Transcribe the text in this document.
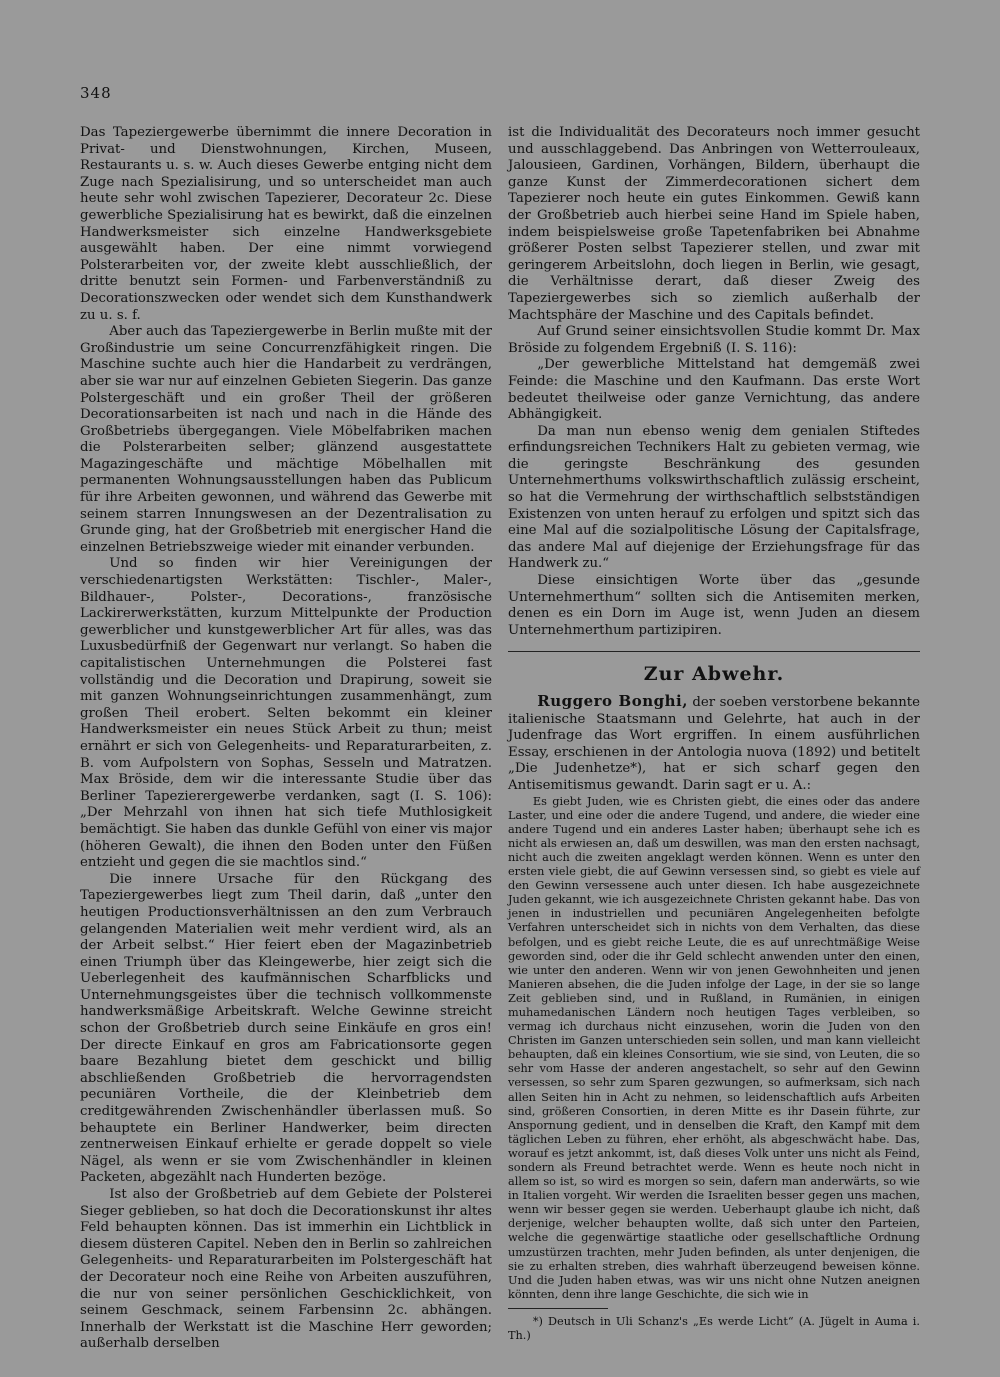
348

Das Tapeziergewerbe übernimmt die innere Decoration in Privat- und Dienstwohnungen, Kirchen, Museen, Restaurants u. s. w. Auch dieses Gewerbe entging nicht dem Zuge nach Spezialisirung, und so unterscheidet man auch heute sehr wohl zwischen Tapezierer, Decorateur 2c. Diese gewerbliche Spezialisirung hat es bewirkt, daß die einzelnen Handwerksmeister sich einzelne Handwerksgebiete ausgewählt haben. Der eine nimmt vorwiegend Polsterarbeiten vor, der zweite klebt ausschließlich, der dritte benutzt sein Formen- und Farbenverständniß zu Decorationszwecken oder wendet sich dem Kunsthandwerk zu u. s. f.

Aber auch das Tapeziergewerbe in Berlin mußte mit der Großindustrie um seine Concurrenzfähigkeit ringen. Die Maschine suchte auch hier die Handarbeit zu verdrängen, aber sie war nur auf einzelnen Gebieten Siegerin. Das ganze Polstergeschäft und ein großer Theil der größeren Decorationsarbeiten ist nach und nach in die Hände des Großbetriebs übergegangen. Viele Möbelfabriken machen die Polsterarbeiten selber; glänzend ausgestattete Magazingeschäfte und mächtige Möbelhallen mit permanenten Wohnungsausstellungen haben das Publicum für ihre Arbeiten gewonnen, und während das Gewerbe mit seinem starren Innungswesen an der Dezentralisation zu Grunde ging, hat der Großbetrieb mit energischer Hand die einzelnen Betriebszweige wieder mit einander verbunden.

Und so finden wir hier Vereinigungen der verschiedenartigsten Werkstätten: Tischler-, Maler-, Bildhauer-, Polster-, Decorations-, französische Lackirerwerkstätten, kurzum Mittelpunkte der Production gewerblicher und kunstgewerblicher Art für alles, was das Luxusbedürfniß der Gegenwart nur verlangt. So haben die capitalistischen Unternehmungen die Polsterei fast vollständig und die Decoration und Drapirung, soweit sie mit ganzen Wohnungseinrichtungen zusammenhängt, zum großen Theil erobert. Selten bekommt ein kleiner Handwerksmeister ein neues Stück Arbeit zu thun; meist ernährt er sich von Gelegenheits- und Reparaturarbeiten, z. B. vom Aufpolstern von Sophas, Sesseln und Matratzen. Max Bröside, dem wir die interessante Studie über das Berliner Tapezierergewerbe verdanken, sagt (I. S. 106): „Der Mehrzahl von ihnen hat sich tiefe Muthlosigkeit bemächtigt. Sie haben das dunkle Gefühl von einer vis major (höheren Gewalt), die ihnen den Boden unter den Füßen entzieht und gegen die sie machtlos sind.“

Die innere Ursache für den Rückgang des Tapeziergewerbes liegt zum Theil darin, daß „unter den heutigen Productionsverhältnissen an den zum Verbrauch gelangenden Materialien weit mehr verdient wird, als an der Arbeit selbst.“ Hier feiert eben der Magazinbetrieb einen Triumph über das Kleingewerbe, hier zeigt sich die Ueberlegenheit des kaufmännischen Scharfblicks und Unternehmungsgeistes über die technisch vollkommenste handwerksmäßige Arbeitskraft. Welche Gewinne streicht schon der Großbetrieb durch seine Einkäufe en gros ein! Der directe Einkauf en gros am Fabricationsorte gegen baare Bezahlung bietet dem geschickt und billig abschließenden Großbetrieb die hervorragendsten pecuniären Vortheile, die der Kleinbetrieb dem creditgewährenden Zwischenhändler überlassen muß. So behauptete ein Berliner Handwerker, beim directen zentnerweisen Einkauf erhielte er gerade doppelt so viele Nägel, als wenn er sie vom Zwischenhändler in kleinen Packeten, abgezählt nach Hunderten bezöge.

Ist also der Großbetrieb auf dem Gebiete der Polsterei Sieger geblieben, so hat doch die Decorationskunst ihr altes Feld behaupten können. Das ist immerhin ein Lichtblick in diesem düsteren Capitel. Neben den in Berlin so zahlreichen Gelegenheits- und Reparaturarbeiten im Polstergeschäft hat der Decorateur noch eine Reihe von Arbeiten auszuführen, die nur von seiner persönlichen Geschicklichkeit, von seinem Geschmack, seinem Farbensinn 2c. abhängen. Innerhalb der Werkstatt ist die Maschine Herr geworden; außerhalb derselben

ist die Individualität des Decorateurs noch immer gesucht und ausschlaggebend. Das Anbringen von Wetterrouleaux, Jalousieen, Gardinen, Vorhängen, Bildern, überhaupt die ganze Kunst der Zimmerdecorationen sichert dem Tapezierer noch heute ein gutes Einkommen. Gewiß kann der Großbetrieb auch hierbei seine Hand im Spiele haben, indem beispielsweise große Tapetenfabriken bei Abnahme größerer Posten selbst Tapezierer stellen, und zwar mit geringerem Arbeitslohn, doch liegen in Berlin, wie gesagt, die Verhältnisse derart, daß dieser Zweig des Tapeziergewerbes sich so ziemlich außerhalb der Machtsphäre der Maschine und des Capitals befindet.

Auf Grund seiner einsichtsvollen Studie kommt Dr. Max Bröside zu folgendem Ergebniß (I. S. 116):

„Der gewerbliche Mittelstand hat demgemäß zwei Feinde: die Maschine und den Kaufmann. Das erste Wort bedeutet theilweise oder ganze Vernichtung, das andere Abhängigkeit.

Da man nun ebenso wenig dem genialen Stiftedes erfindungsreichen Technikers Halt zu gebieten vermag, wie die geringste Beschränkung des gesunden Unternehmerthums volkswirthschaftlich zulässig erscheint, so hat die Vermehrung der wirthschaftlich selbstständigen Existenzen von unten herauf zu erfolgen und spitzt sich das eine Mal auf die sozialpolitische Lösung der Capitalsfrage, das andere Mal auf diejenige der Erziehungsfrage für das Handwerk zu.“

Diese einsichtigen Worte über das „gesunde Unternehmerthum“ sollten sich die Antisemiten merken, denen es ein Dorn im Auge ist, wenn Juden an diesem Unternehmerthum partizipiren.

Zur Abwehr.

Ruggero Bonghi, der soeben verstorbene bekannte italienische Staatsmann und Gelehrte, hat auch in der Judenfrage das Wort ergriffen. In einem ausführlichen Essay, erschienen in der Antologia nuova (1892) und betitelt „Die Judenhetze*), hat er sich scharf gegen den Antisemitismus gewandt. Darin sagt er u. A.:

Es giebt Juden, wie es Christen giebt, die eines oder das andere Laster, und eine oder die andere Tugend, und andere, die wieder eine andere Tugend und ein anderes Laster haben; überhaupt sehe ich es nicht als erwiesen an, daß um deswillen, was man den ersten nachsagt, nicht auch die zweiten angeklagt werden können. Wenn es unter den ersten viele giebt, die auf Gewinn versessen sind, so giebt es viele auf den Gewinn versessene auch unter diesen. Ich habe ausgezeichnete Juden gekannt, wie ich ausgezeichnete Christen gekannt habe. Das von jenen in industriellen und pecuniären Angelegenheiten befolgte Verfahren unterscheidet sich in nichts von dem Verhalten, das diese befolgen, und es giebt reiche Leute, die es auf unrechtmäßige Weise geworden sind, oder die ihr Geld schlecht anwenden unter den einen, wie unter den anderen. Wenn wir von jenen Gewohnheiten und jenen Manieren absehen, die die Juden infolge der Lage, in der sie so lange Zeit geblieben sind, und in Rußland, in Rumänien, in einigen muhamedanischen Ländern noch heutigen Tages verbleiben, so vermag ich durchaus nicht einzusehen, worin die Juden von den Christen im Ganzen unterschieden sein sollen, und man kann vielleicht behaupten, daß ein kleines Consortium, wie sie sind, von Leuten, die so sehr vom Hasse der anderen angestachelt, so sehr auf den Gewinn versessen, so sehr zum Sparen gezwungen, so aufmerksam, sich nach allen Seiten hin in Acht zu nehmen, so leidenschaftlich aufs Arbeiten sind, größeren Consortien, in deren Mitte es ihr Dasein führte, zur Anspornung gedient, und in denselben die Kraft, den Kampf mit dem täglichen Leben zu führen, eher erhöht, als abgeschwächt habe. Das, worauf es jetzt ankommt, ist, daß dieses Volk unter uns nicht als Feind, sondern als Freund betrachtet werde. Wenn es heute noch nicht in allem so ist, so wird es morgen so sein, dafern man anderwärts, so wie in Italien vorgeht. Wir werden die Israeliten besser gegen uns machen, wenn wir besser gegen sie werden. Ueberhaupt glaube ich nicht, daß derjenige, welcher behaupten wollte, daß sich unter den Parteien, welche die gegenwärtige staatliche oder gesellschaftliche Ordnung umzustürzen trachten, mehr Juden befinden, als unter denjenigen, die sie zu erhalten streben, dies wahrhaft überzeugend beweisen könne. Und die Juden haben etwas, was wir uns nicht ohne Nutzen aneignen könnten, denn ihre lange Geschichte, die sich wie in

*) Deutsch in Uli Schanz's „Es werde Licht“ (A. Jügelt in Auma i. Th.)
